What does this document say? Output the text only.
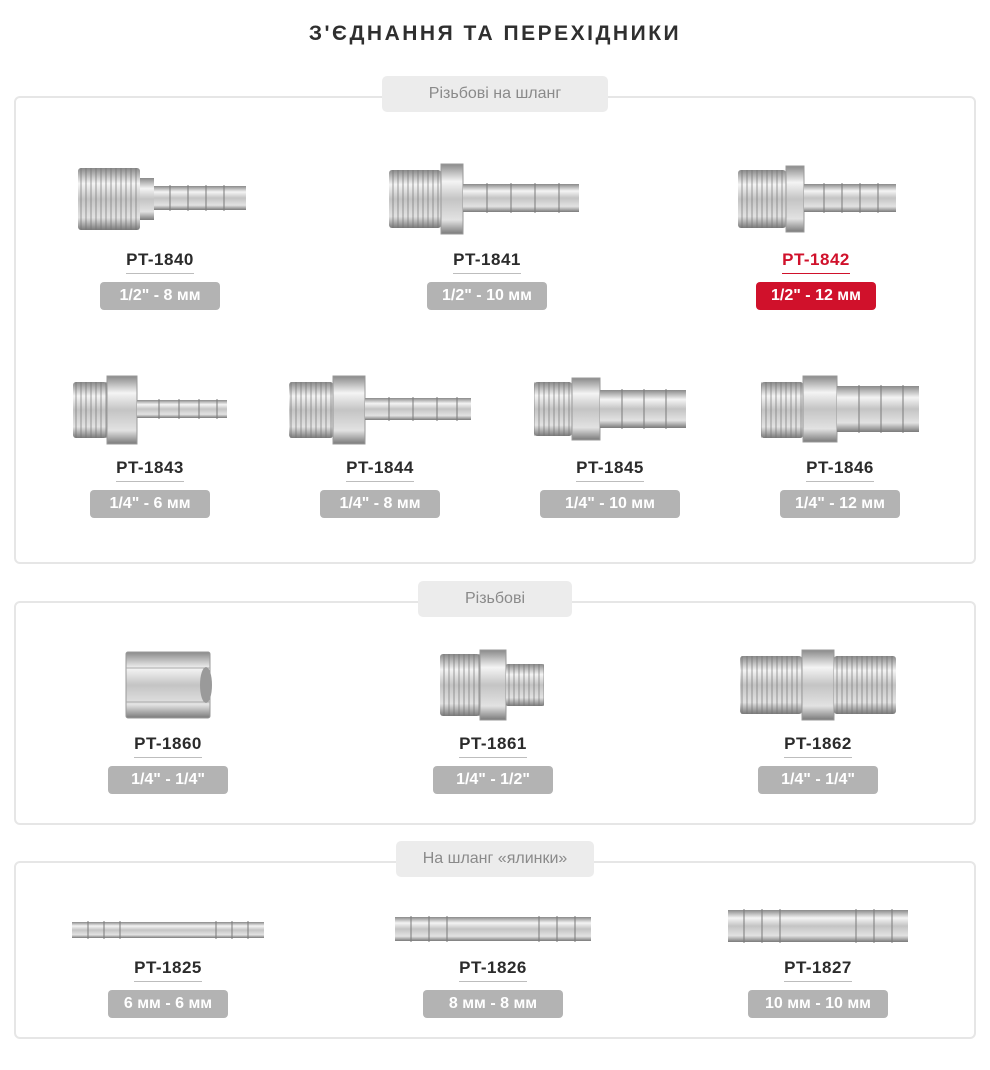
З'ЄДНАННЯ ТА ПЕРЕХІДНИКИ
Різьбові на шланг
PT-1840
1/2" - 8 мм
PT-1841
1/2" - 10 мм
PT-1842
1/2" - 12 мм
PT-1843
1/4" - 6 мм
PT-1844
1/4" - 8 мм
PT-1845
1/4" - 10 мм
PT-1846
1/4" - 12 мм
Різьбові
PT-1860
1/4" - 1/4"
PT-1861
1/4" - 1/2"
PT-1862
1/4" - 1/4"
На шланг «ялинки»
PT-1825
6 мм - 6 мм
PT-1826
8 мм - 8 мм
PT-1827
10 мм - 10 мм
